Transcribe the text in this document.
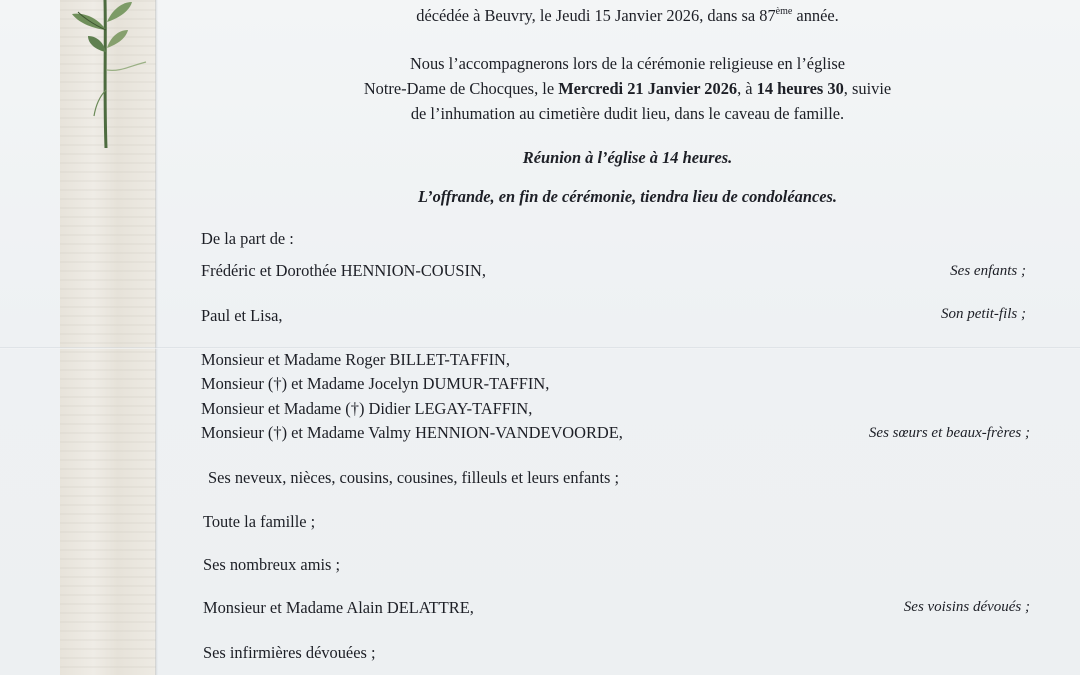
décédée à Beuvry, le Jeudi 15 Janvier 2026, dans sa 87ème année.
Nous l’accompagnerons lors de la cérémonie religieuse en l’église
Notre-Dame de Chocques, le Mercredi 21 Janvier 2026, à 14 heures 30, suivie
de l’inhumation au cimetière dudit lieu, dans le caveau de famille.
Réunion à l’église à 14 heures.
L’offrande, en fin de cérémonie, tiendra lieu de condoléances.
De la part de :
Frédéric et Dorothée HENNION-COUSIN,	Ses enfants ;
Paul et Lisa,	Son petit-fils ;
Monsieur et Madame Roger BILLET-TAFFIN,
Monsieur (†) et Madame Jocelyn DUMUR-TAFFIN,
Monsieur et Madame (†) Didier LEGAY-TAFFIN,
Monsieur (†) et Madame Valmy HENNION-VANDEVOORDE,	Ses sœurs et beaux-frères ;
Ses neveux, nièces, cousins, cousines, filleuls et leurs enfants ;
Toute la famille ;
Ses nombreux amis ;
Monsieur et Madame Alain DELATTRE,	Ses voisins dévoués ;
Ses infirmières dévouées ;
